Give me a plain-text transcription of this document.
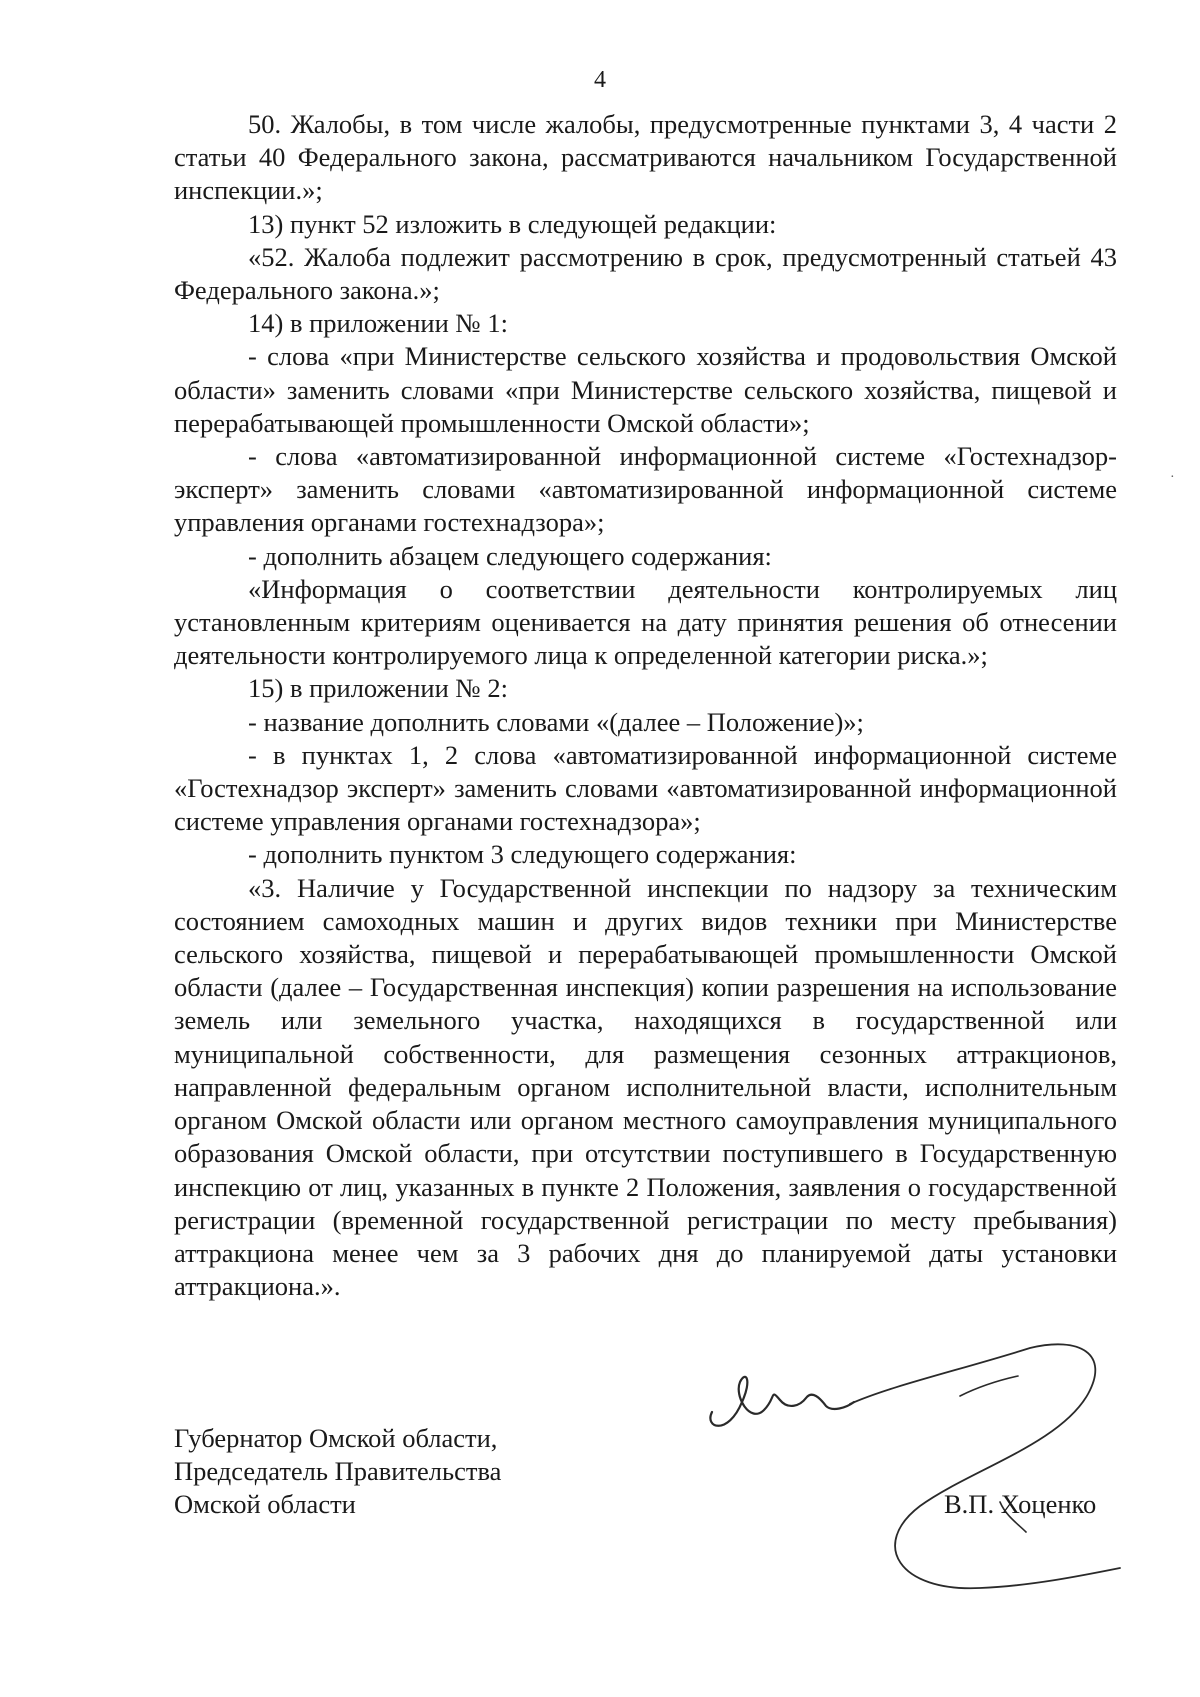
4

50. Жалобы, в том числе жалобы, предусмотренные пунктами 3, 4 части 2 статьи 40 Федерального закона, рассматриваются начальником Государственной инспекции.»;

13) пункт 52 изложить в следующей редакции:

«52. Жалоба подлежит рассмотрению в срок, предусмотренный статьей 43 Федерального закона.»;

14) в приложении № 1:

- слова «при Министерстве сельского хозяйства и продовольствия Омской области» заменить словами «при Министерстве сельского хозяйства, пищевой и перерабатывающей промышленности Омской области»;

- слова «автоматизированной информационной системе «Гостехнадзор-эксперт» заменить словами «автоматизированной информационной системе управления органами гостехнадзора»;

- дополнить абзацем следующего содержания:

«Информация о соответствии деятельности контролируемых лиц установленным критериям оценивается на дату принятия решения об отнесении деятельности контролируемого лица к определенной категории риска.»;

15) в приложении № 2:

- название дополнить словами «(далее – Положение)»;

- в пунктах 1, 2 слова «автоматизированной информационной системе «Гостехнадзор эксперт» заменить словами «автоматизированной информационной системе управления органами гостехнадзора»;

- дополнить пунктом 3 следующего содержания:

«3. Наличие у Государственной инспекции по надзору за техническим состоянием самоходных машин и других видов техники при Министерстве сельского хозяйства, пищевой и перерабатывающей промышленности Омской области (далее – Государственная инспекция) копии разрешения на использование земель или земельного участка, находящихся в государственной или муниципальной собственности, для размещения сезонных аттракционов, направленной федеральным органом исполнительной власти, исполнительным органом Омской области или органом местного самоуправления муниципального образования Омской области, при отсутствии поступившего в Государственную инспекцию от лиц, указанных в пункте 2 Положения, заявления о государственной регистрации (временной государственной регистрации по месту пребывания) аттракциона менее чем за 3 рабочих дня до планируемой даты установки аттракциона.».

Губернатор Омской области,
Председатель Правительства
Омской области	В.П. Хоценко
·
